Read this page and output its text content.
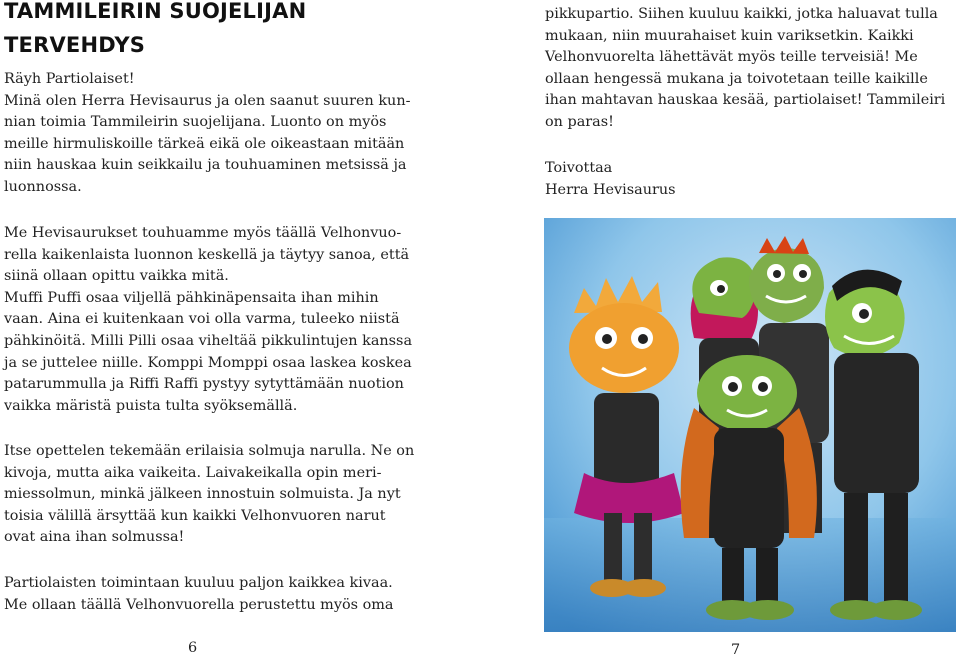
TAMMILEIRIN SUOJELIJAN
TERVEHDYS
Räyh Partiolaiset!
Minä olen Herra Hevisaurus ja olen saanut suuren kun-
nian toimia Tammileirin suojelijana. Luonto on myös
meille hirmuliskoille tärkeä eikä ole oikeastaan mitään
niin hauskaa kuin seikkailu ja touhuaminen metsissä ja
luonnossa.
Me Hevisaurukset touhuamme myös täällä Velhonvuo-
rella kaikenlaista luonnon keskellä ja täytyy sanoa, että
siinä ollaan opittu vaikka mitä.
Muffi Puffi osaa viljellä pähkinäpensaita ihan mihin
vaan. Aina ei kuitenkaan voi olla varma, tuleeko niistä
pähkinöitä. Milli Pilli osaa viheltää pikkulintujen kanssa
ja se juttelee niille. Komppi Momppi osaa laskea koskea
patarummulla ja Riffi Raffi pystyy sytyttämään nuotion
vaikka märistä puista tulta syöksemällä.
Itse opettelen tekemään erilaisia solmuja narulla. Ne on
kivoja, mutta aika vaikeita. Laivakeikalla opin meri-
miessolmun, minkä jälkeen innostuin solmuista. Ja nyt
toisia välillä ärsyttää kun kaikki Velhonvuoren narut
ovat aina ihan solmussa!
Partiolaisten toimintaan kuuluu paljon kaikkea kivaa.
Me ollaan täällä Velhonvuorella perustettu myös oma
6
pikkupartio. Siihen kuuluu kaikki, jotka haluavat tulla
mukaan, niin muurahaiset kuin variksetkin. Kaikki
Velhonvuorelta lähettävät myös teille terveisiä! Me
ollaan hengessä mukana ja toivotetaan teille kaikille
ihan mahtavan hauskaa kesää, partiolaiset! Tammileiri
on paras!
Toivottaa
Herra Hevisaurus
7
